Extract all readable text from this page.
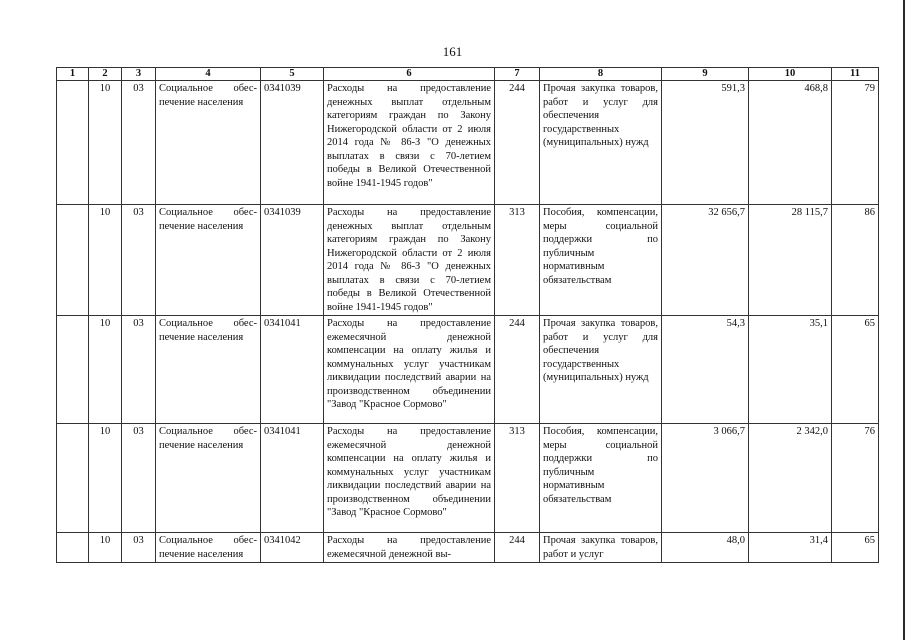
161
1	2	3	4	5	6	7	8	9	10	11
	10	03	Социальное обес-печение населения	0341039	Расходы на предоставление денежных выплат отдельным категориям граждан по Закону Нижегородской области от 2 июля 2014 года № 86-З "О денежных выплатах в связи с 70-летием победы в Великой Отечественной войне 1941-1945 годов"	244	Прочая закупка товаров, работ и услуг для обеспечения государственных (муниципальных) нужд	591,3	468,8	79
	10	03	Социальное обес-печение населения	0341039	Расходы на предоставление денежных выплат отдельным категориям граждан по Закону Нижегородской области от 2 июля 2014 года № 86-З "О денежных выплатах в связи с 70-летием победы в Великой Отечественной войне 1941-1945 годов"	313	Пособия, компенсации, меры социальной поддержки по публичным нормативным обязательствам	32 656,7	28 115,7	86
	10	03	Социальное обес-печение населения	0341041	Расходы на предоставление ежемесячной денежной компенсации на оплату жилья и коммунальных услуг участникам ликвидации последствий аварии на производственном объединении "Завод "Красное Сормово"	244	Прочая закупка товаров, работ и услуг для обеспечения государственных (муниципальных) нужд	54,3	35,1	65
	10	03	Социальное обес-печение населения	0341041	Расходы на предоставление ежемесячной денежной компенсации на оплату жилья и коммунальных услуг участникам ликвидации последствий аварии на производственном объединении "Завод "Красное Сормово"	313	Пособия, компенсации, меры социальной поддержки по публичным нормативным обязательствам	3 066,7	2 342,0	76
	10	03	Социальное обес-печение населения	0341042	Расходы на предоставление ежемесячной денежной вы-	244	Прочая закупка товаров, работ и услуг	48,0	31,4	65
